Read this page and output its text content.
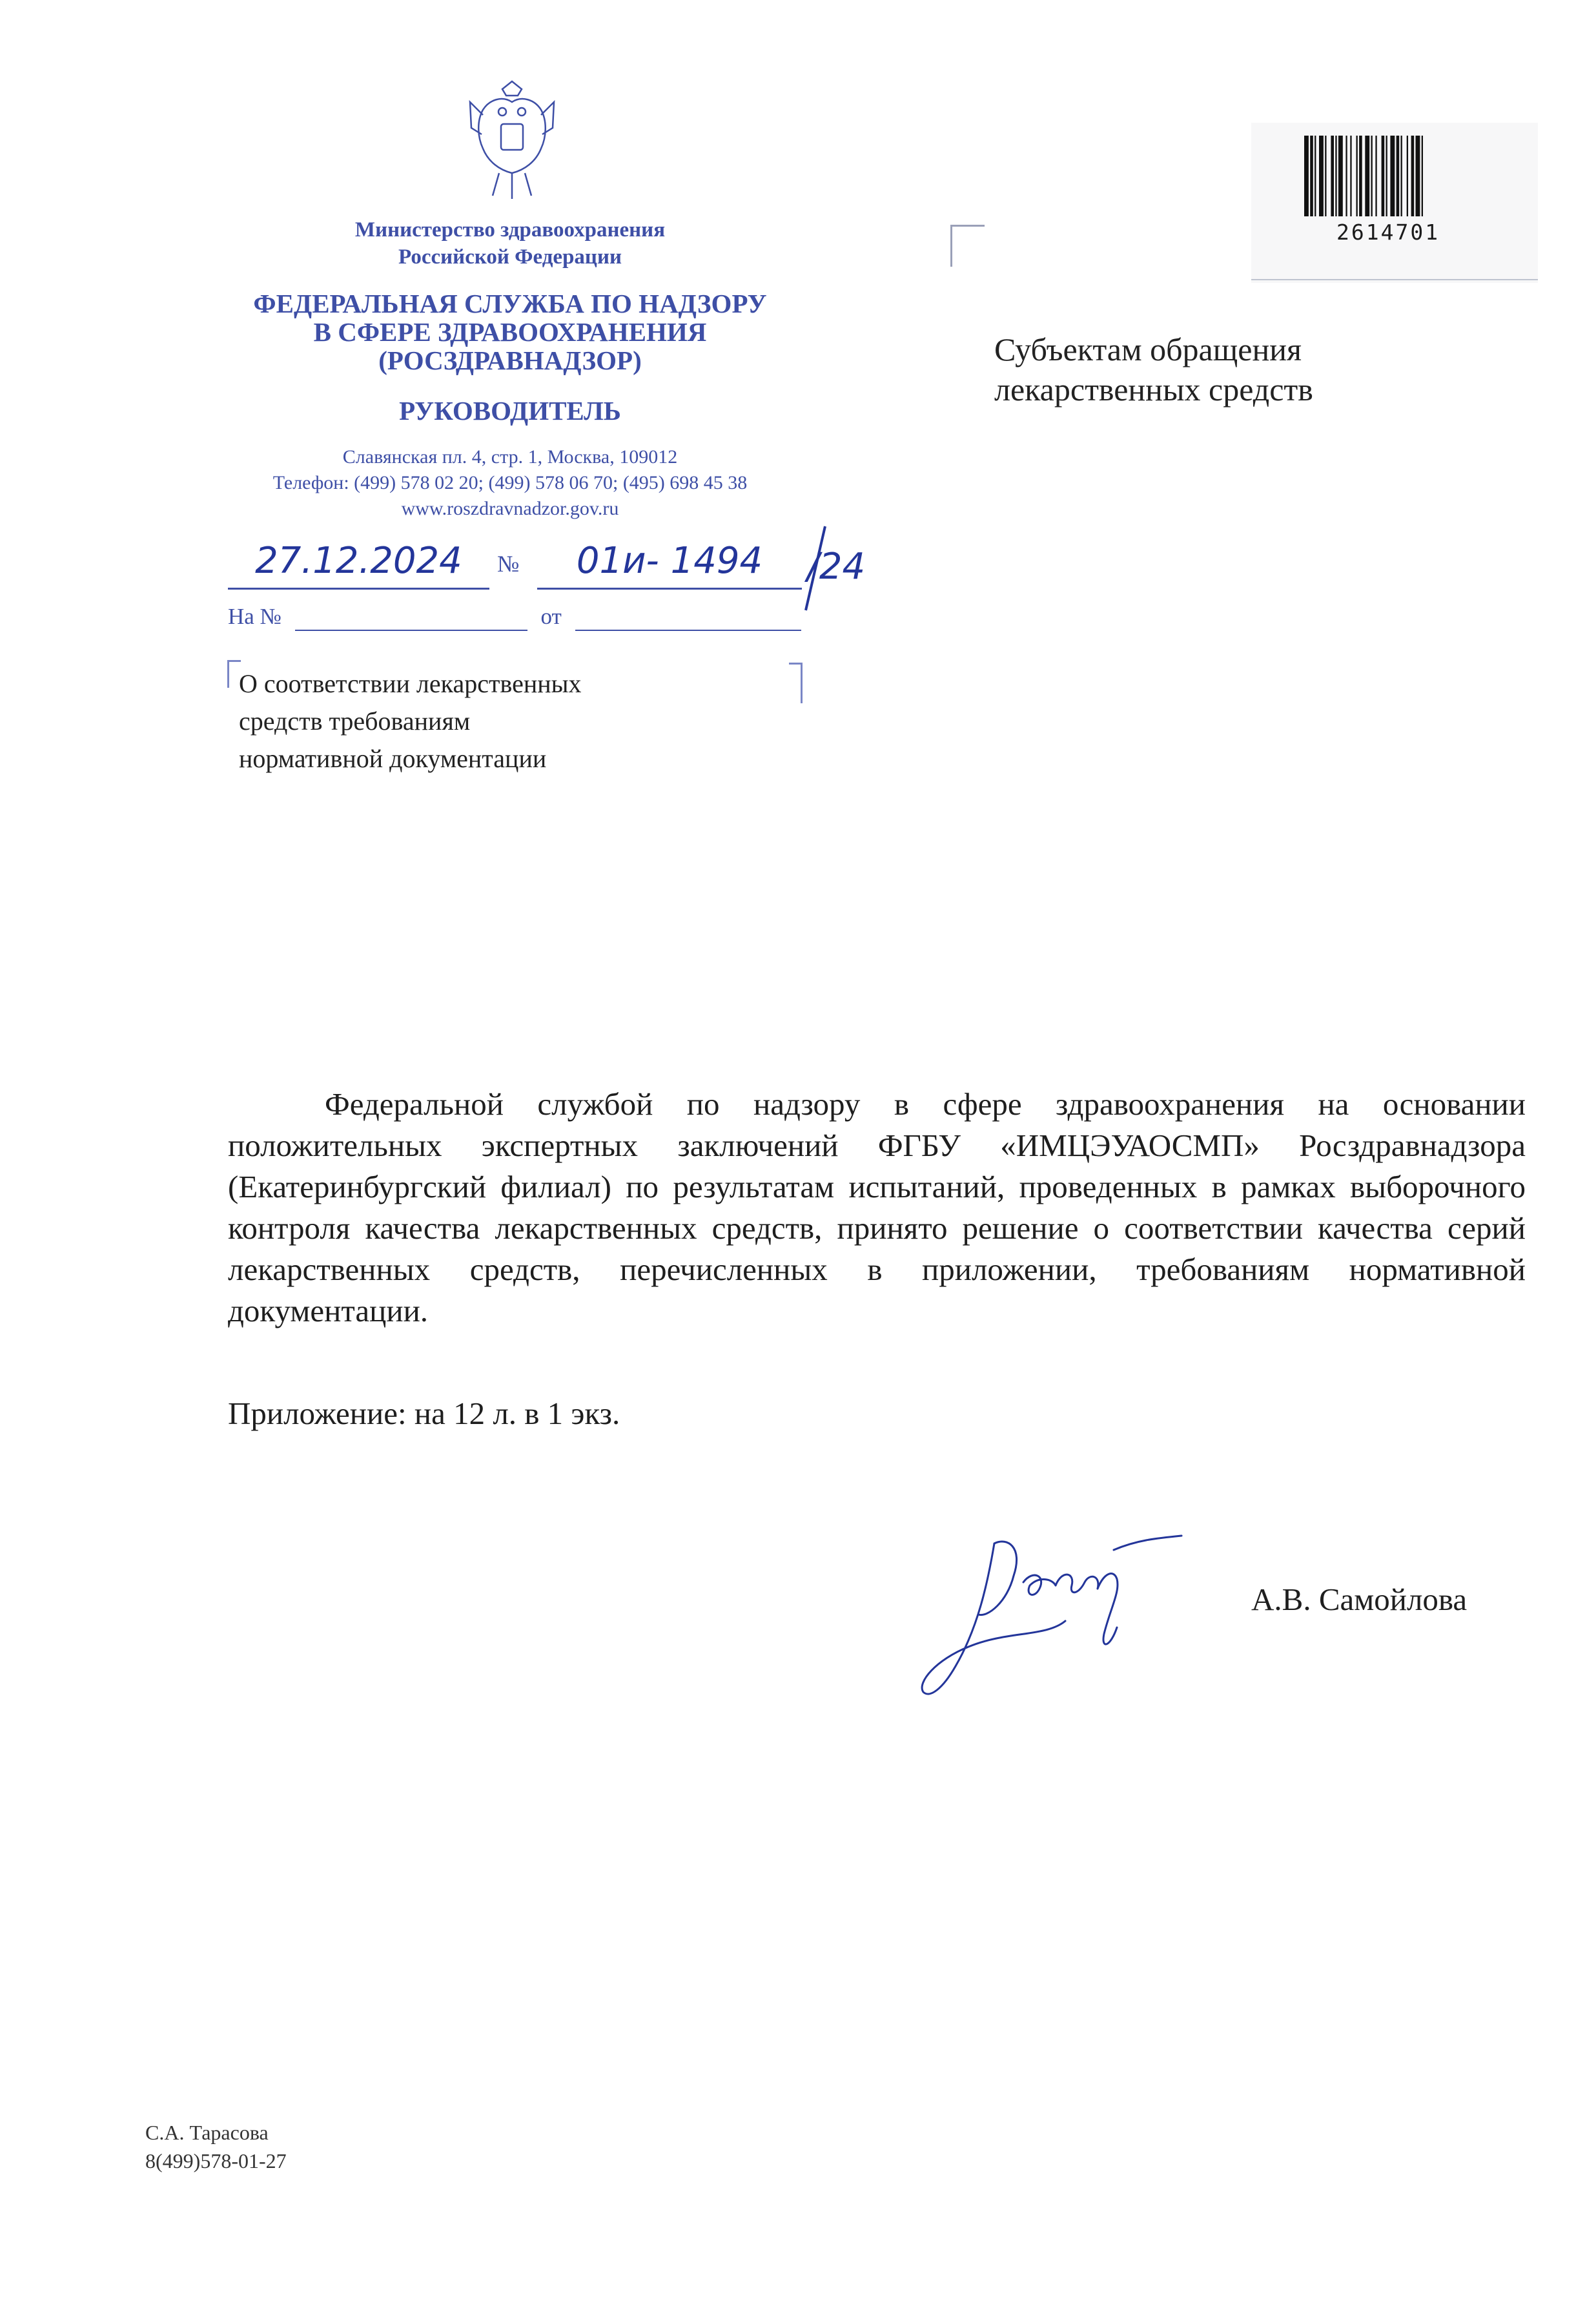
Министерство здравоохранения
Российской Федерации
ФЕДЕРАЛЬНАЯ СЛУЖБА ПО НАДЗОРУ
В СФЕРЕ ЗДРАВООХРАНЕНИЯ
(РОСЗДРАВНАДЗОР)
РУКОВОДИТЕЛЬ
Славянская пл. 4, стр. 1, Москва, 109012
Телефон: (499) 578 02 20; (499) 578 06 70; (495) 698 45 38
www.roszdravnadzor.gov.ru
27.12.2024	№	01и- 1494	/24
На №	от
О соответствии лекарственных
средств требованиям
нормативной документации
2614701
Субъектам обращения
лекарственных средств

Федеральной службой по надзору в сфере здравоохранения на основании положительных экспертных заключений ФГБУ «ИМЦЭУАОСМП» Росздравнадзора (Екатеринбургский филиал) по результатам испытаний, проведенных в рамках выборочного контроля качества лекарственных средств, принято решение о соответствии качества серий лекарственных средств, перечисленных в приложении, требованиям нормативной документации.

Приложение: на 12 л. в 1 экз.
А.В. Самойлова
С.А. Тарасова
8(499)578-01-27
